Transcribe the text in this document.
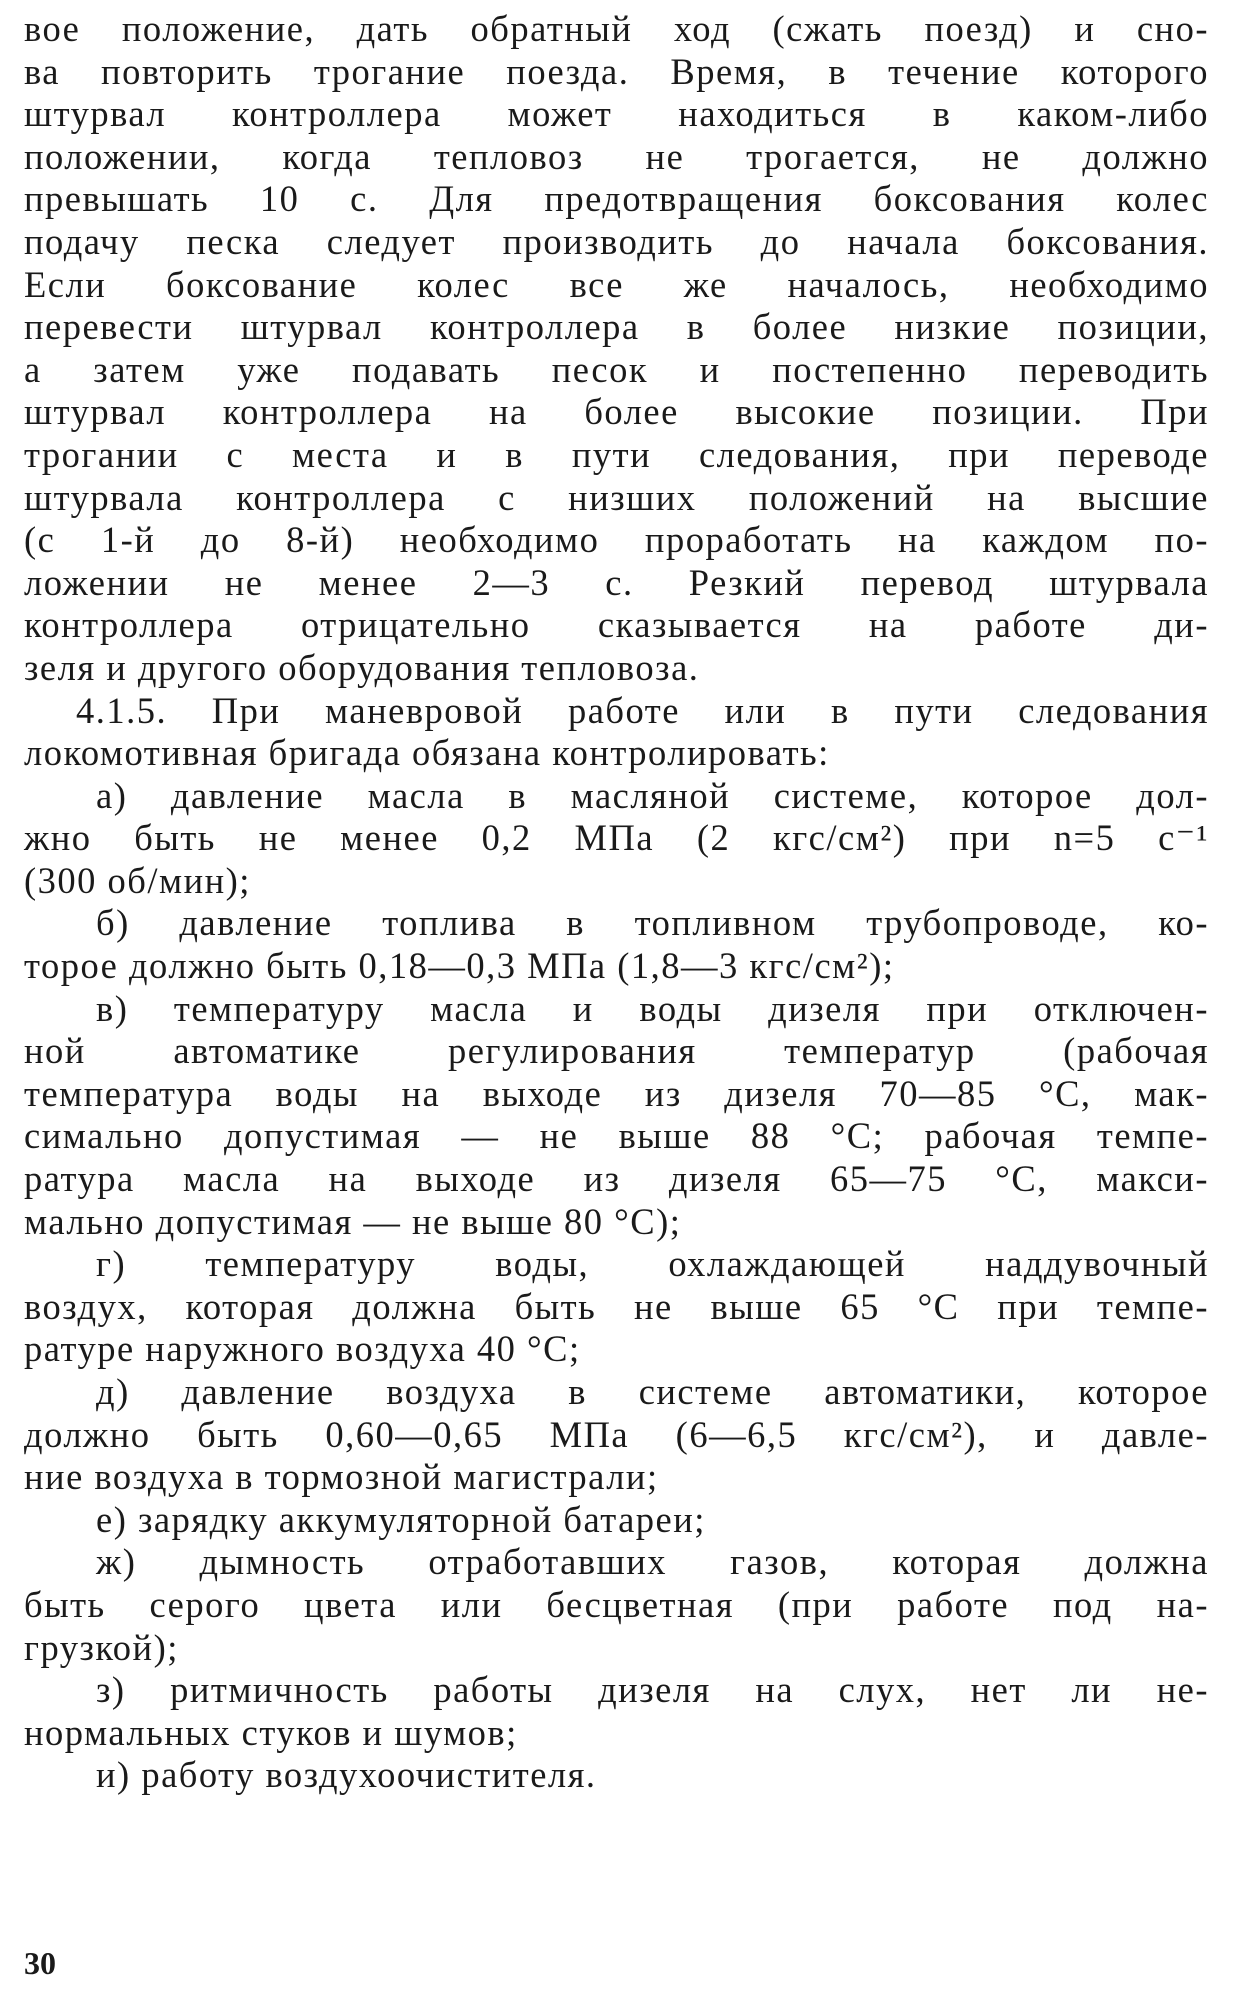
вое положение, дать обратный ход (сжать поезд) и сно-
ва повторить трогание поезда. Время, в течение которого
штурвал контроллера может находиться в каком-либо
положении, когда тепловоз не трогается, не должно
превышать 10 с. Для предотвращения боксования колес
подачу песка следует производить до начала боксования.
Если боксование колес все же началось, необходимо
перевести штурвал контроллера в более низкие позиции,
а затем уже подавать песок и постепенно переводить
штурвал контроллера на более высокие позиции. При
трогании с места и в пути следования, при переводе
штурвала контроллера с низших положений на высшие
(с 1-й до 8-й) необходимо проработать на каждом по-
ложении не менее 2—3 с. Резкий перевод штурвала
контроллера отрицательно сказывается на работе ди-
зеля и другого оборудования тепловоза.
4.1.5. При маневровой работе или в пути следования
локомотивная бригада обязана контролировать:
а) давление масла в масляной системе, которое дол-
жно быть не менее 0,2 МПа (2 кгс/см²) при n=5 с⁻¹
(300 об/мин);
б) давление топлива в топливном трубопроводе, ко-
торое должно быть 0,18—0,3 МПа (1,8—3 кгс/см²);
в) температуру масла и воды дизеля при отключен-
ной автоматике регулирования температур (рабочая
температура воды на выходе из дизеля 70—85 °С, мак-
симально допустимая — не выше 88 °С; рабочая темпе-
ратура масла на выходе из дизеля 65—75 °С, макси-
мально допустимая — не выше 80 °С);
г) температуру воды, охлаждающей наддувочный
воздух, которая должна быть не выше 65 °С при темпе-
ратуре наружного воздуха 40 °С;
д) давление воздуха в системе автоматики, которое
должно быть 0,60—0,65 МПа (6—6,5 кгс/см²), и давле-
ние воздуха в тормозной магистрали;
е) зарядку аккумуляторной батареи;
ж) дымность отработавших газов, которая должна
быть серого цвета или бесцветная (при работе под на-
грузкой);
з) ритмичность работы дизеля на слух, нет ли не-
нормальных стуков и шумов;
и) работу воздухоочистителя.
30
